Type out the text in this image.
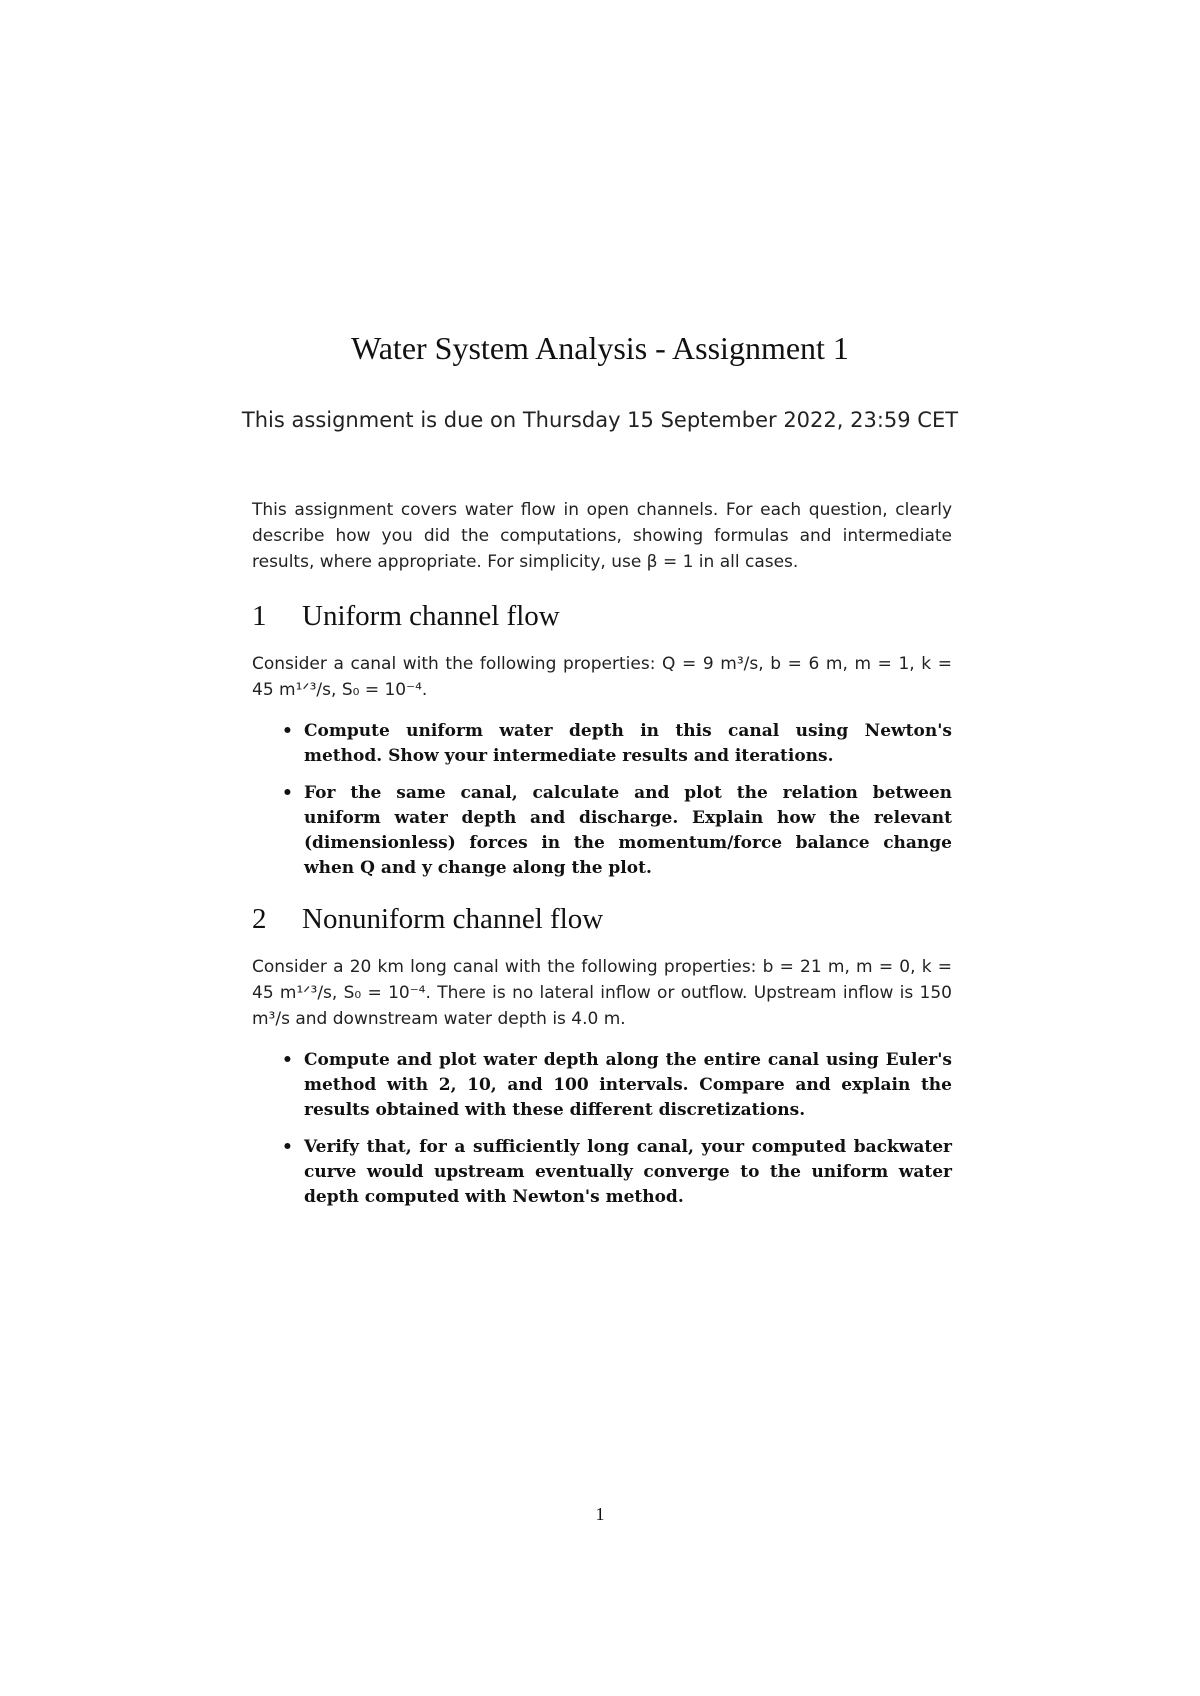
Water System Analysis - Assignment 1
This assignment is due on Thursday 15 September 2022, 23:59 CET
This assignment covers water flow in open channels. For each question, clearly describe how you did the computations, showing formulas and intermediate results, where appropriate. For simplicity, use β = 1 in all cases.
1 Uniform channel flow
Consider a canal with the following properties: Q = 9 m³/s, b = 6 m, m = 1, k = 45 m¹ᐟ³/s, S₀ = 10⁻⁴.
• Compute uniform water depth in this canal using Newton's method. Show your intermediate results and iterations.
• For the same canal, calculate and plot the relation between uniform water depth and discharge. Explain how the relevant (dimensionless) forces in the momentum/force balance change when Q and y change along the plot.
2 Nonuniform channel flow
Consider a 20 km long canal with the following properties: b = 21 m, m = 0, k = 45 m¹ᐟ³/s, S₀ = 10⁻⁴. There is no lateral inflow or outflow. Upstream inflow is 150 m³/s and downstream water depth is 4.0 m.
• Compute and plot water depth along the entire canal using Euler's method with 2, 10, and 100 intervals. Compare and explain the results obtained with these different discretizations.
• Verify that, for a sufficiently long canal, your computed backwater curve would upstream eventually converge to the uniform water depth computed with Newton's method.
1
